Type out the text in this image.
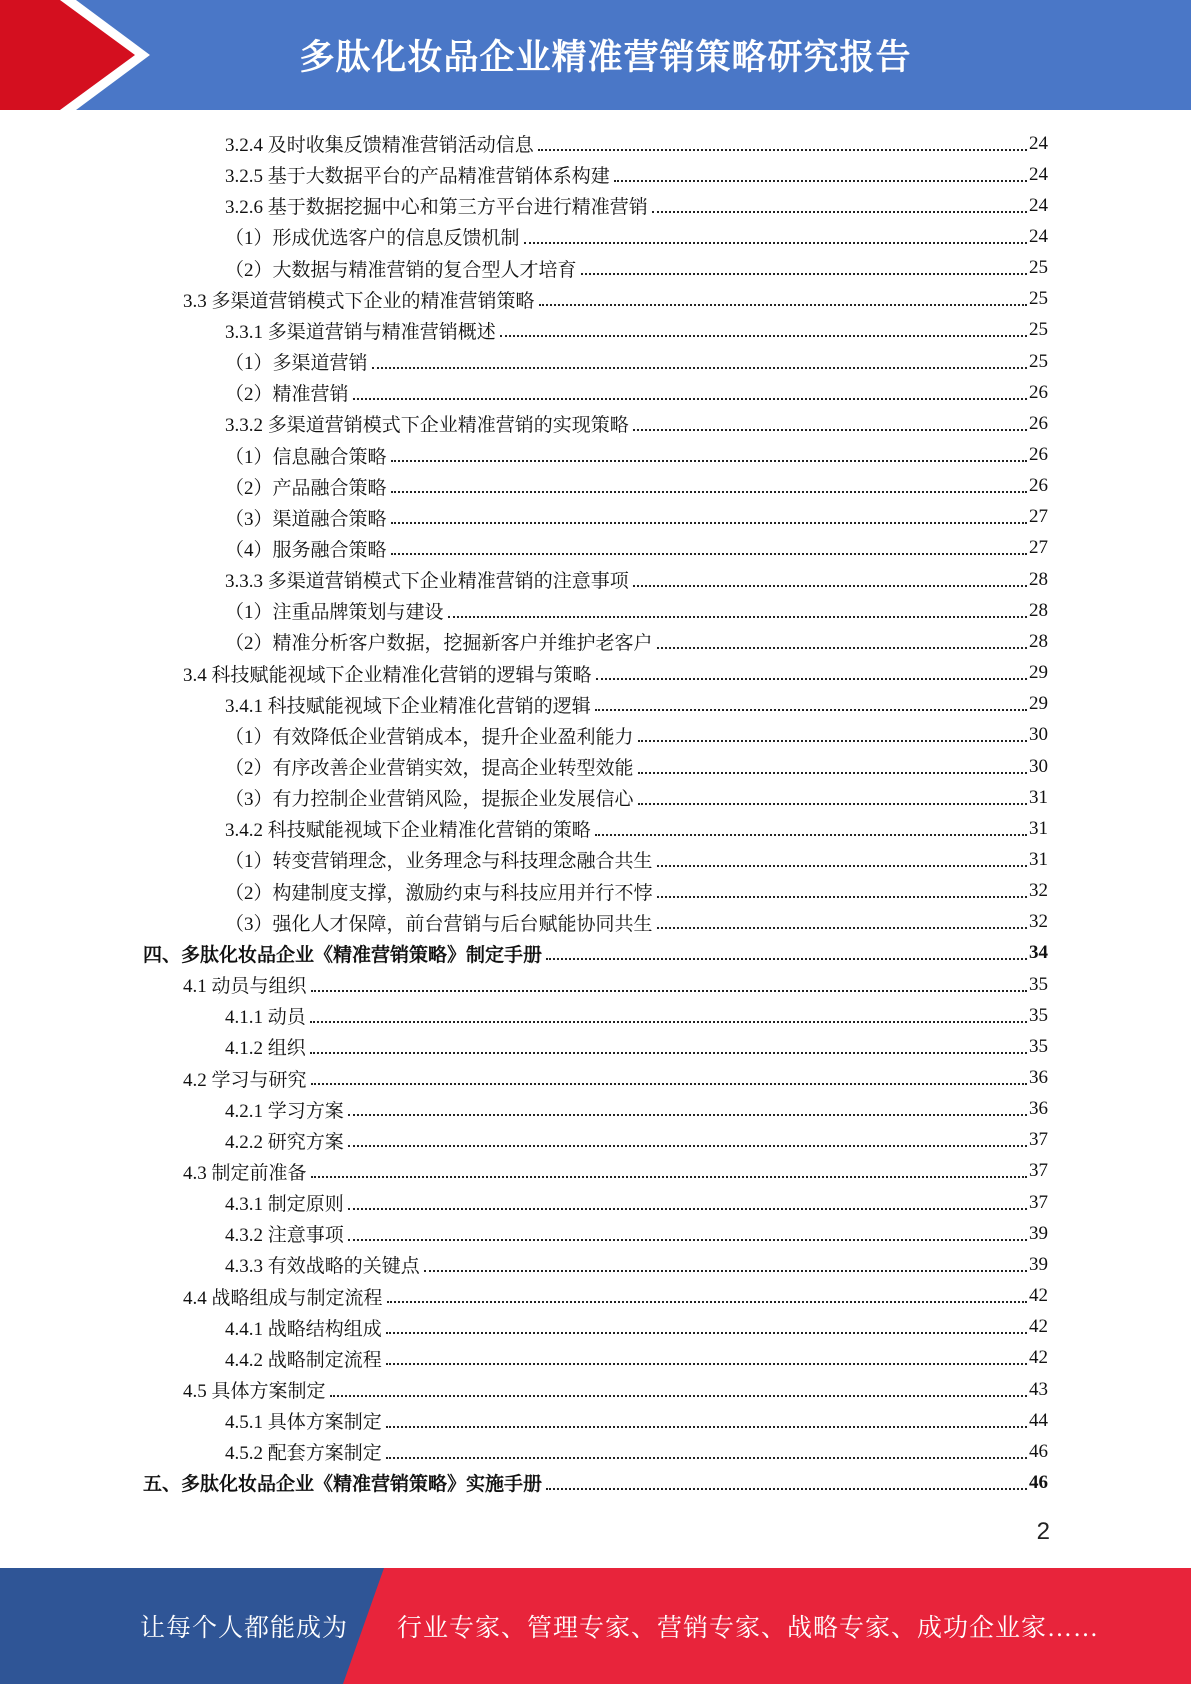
多肽化妆品企业精准营销策略研究报告
3.2.4 及时收集反馈精准营销活动信息	24
3.2.5 基于大数据平台的产品精准营销体系构建	24
3.2.6 基于数据挖掘中心和第三方平台进行精准营销	24
（1）形成优选客户的信息反馈机制	24
（2）大数据与精准营销的复合型人才培育	25
3.3 多渠道营销模式下企业的精准营销策略	25
3.3.1 多渠道营销与精准营销概述	25
（1）多渠道营销	25
（2）精准营销	26
3.3.2 多渠道营销模式下企业精准营销的实现策略	26
（1）信息融合策略	26
（2）产品融合策略	26
（3）渠道融合策略	27
（4）服务融合策略	27
3.3.3 多渠道营销模式下企业精准营销的注意事项	28
（1）注重品牌策划与建设	28
（2）精准分析客户数据，挖掘新客户并维护老客户	28
3.4 科技赋能视域下企业精准化营销的逻辑与策略	29
3.4.1 科技赋能视域下企业精准化营销的逻辑	29
（1）有效降低企业营销成本，提升企业盈利能力	30
（2）有序改善企业营销实效，提高企业转型效能	30
（3）有力控制企业营销风险，提振企业发展信心	31
3.4.2 科技赋能视域下企业精准化营销的策略	31
（1）转变营销理念，业务理念与科技理念融合共生	31
（2）构建制度支撑，激励约束与科技应用并行不悖	32
（3）强化人才保障，前台营销与后台赋能协同共生	32
四、多肽化妆品企业《精准营销策略》制定手册	34
4.1 动员与组织	35
4.1.1 动员	35
4.1.2 组织	35
4.2 学习与研究	36
4.2.1 学习方案	36
4.2.2 研究方案	37
4.3 制定前准备	37
4.3.1 制定原则	37
4.3.2 注意事项	39
4.3.3 有效战略的关键点	39
4.4 战略组成与制定流程	42
4.4.1 战略结构组成	42
4.4.2 战略制定流程	42
4.5 具体方案制定	43
4.5.1 具体方案制定	44
4.5.2 配套方案制定	46
五、多肽化妆品企业《精准营销策略》实施手册	46
2
让每个人都能成为 行业专家、管理专家、营销专家、战略专家、成功企业家……
